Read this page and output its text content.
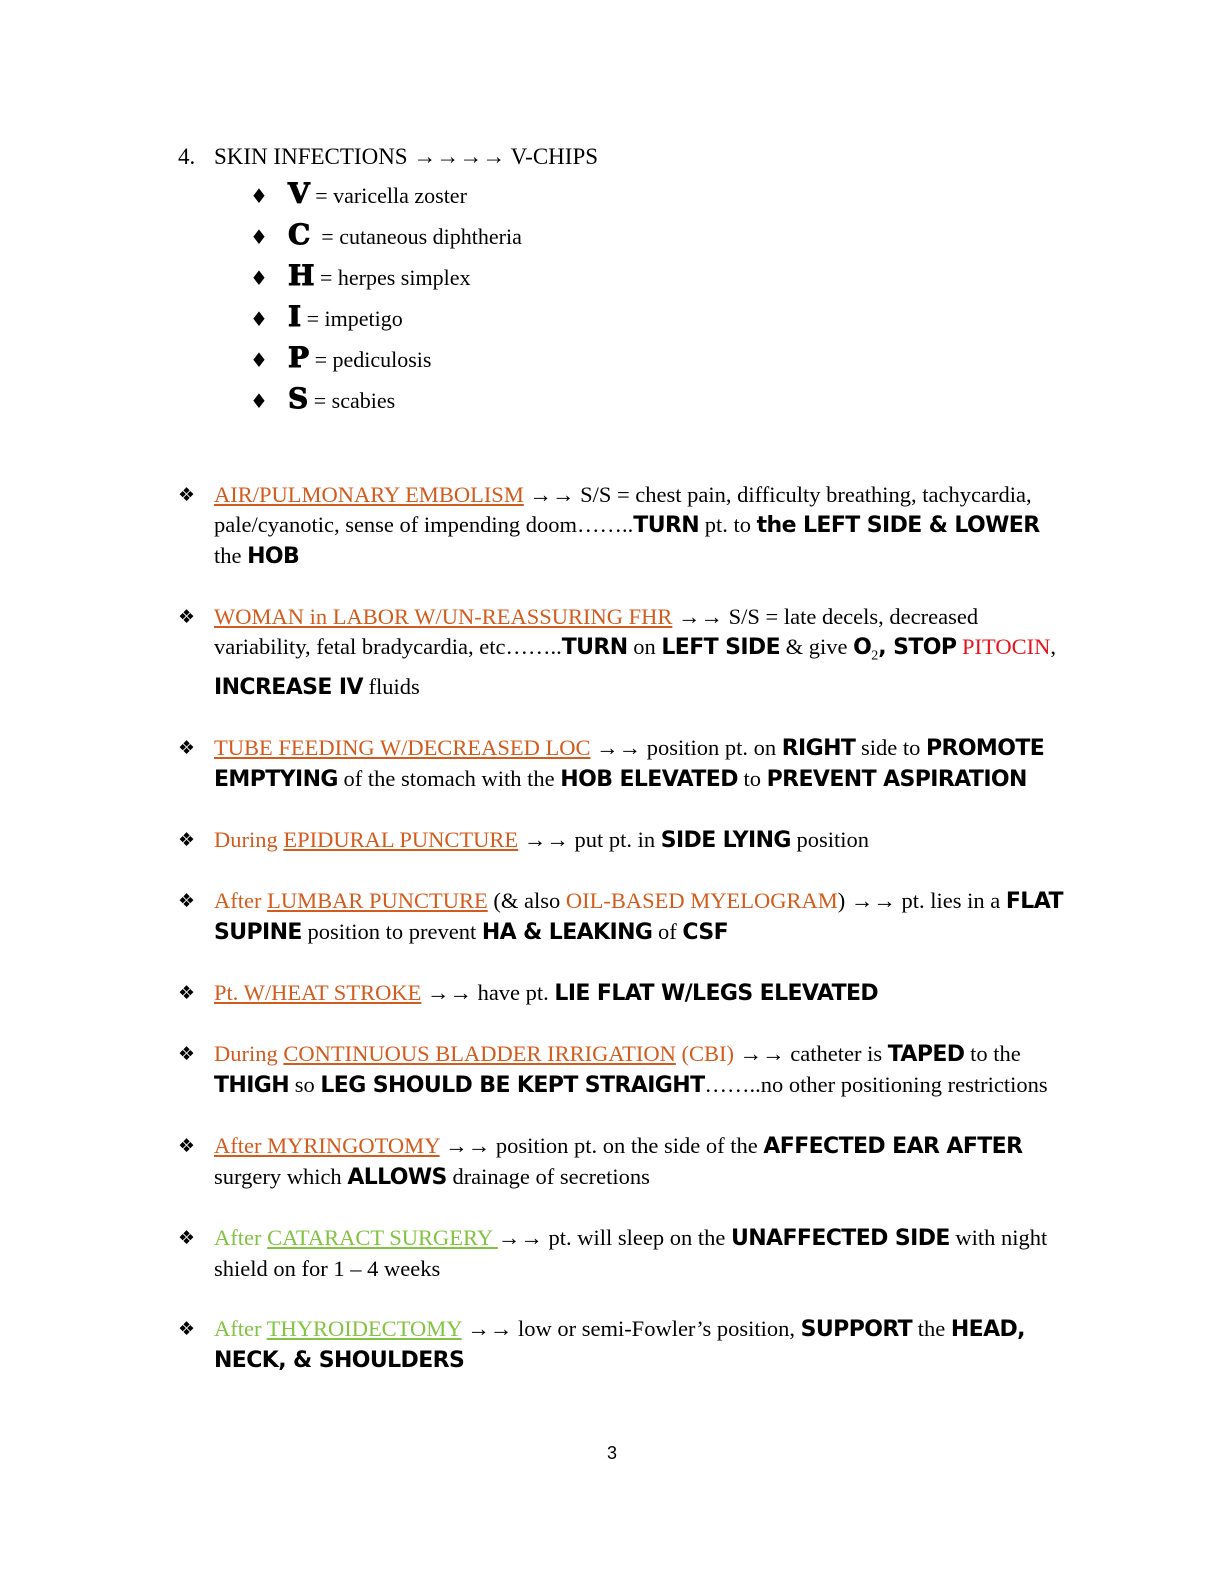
4. SKIN INFECTIONS →→→→ V-CHIPS
♦ V = varicella zoster
♦ C  = cutaneous diphtheria
♦ H = herpes simplex
♦ I = impetigo
♦ P = pediculosis
♦ S = scabies
❖ AIR/PULMONARY EMBOLISM →→ S/S = chest pain, difficulty breathing, tachycardia, pale/cyanotic, sense of impending doom……..TURN pt. to the LEFT SIDE & LOWER the HOB
❖ WOMAN in LABOR W/UN-REASSURING FHR →→ S/S = late decels, decreased variability, fetal bradycardia, etc……..TURN on LEFT SIDE & give $O_2$, STOP PITOCIN, INCREASE IV fluids
❖ TUBE FEEDING W/DECREASED LOC →→ position pt. on RIGHT side to PROMOTE EMPTYING of the stomach with the HOB ELEVATED to PREVENT ASPIRATION
❖ During EPIDURAL PUNCTURE →→ put pt. in SIDE LYING position
❖ After LUMBAR PUNCTURE (& also OIL-BASED MYELOGRAM) →→ pt. lies in a FLAT SUPINE position to prevent HA & LEAKING of CSF
❖ Pt. W/HEAT STROKE →→ have pt. LIE FLAT W/LEGS ELEVATED
❖ During CONTINUOUS BLADDER IRRIGATION (CBI) →→ catheter is TAPED to the THIGH so LEG SHOULD BE KEPT STRAIGHT……..no other positioning restrictions
❖ After MYRINGOTOMY →→ position pt. on the side of the AFFECTED EAR AFTER surgery which ALLOWS drainage of secretions
❖ After CATARACT SURGERY →→ pt. will sleep on the UNAFFECTED SIDE with night shield on for 1 – 4 weeks
❖ After THYROIDECTOMY →→ low or semi-Fowler’s position, SUPPORT the HEAD, NECK, & SHOULDERS
3
